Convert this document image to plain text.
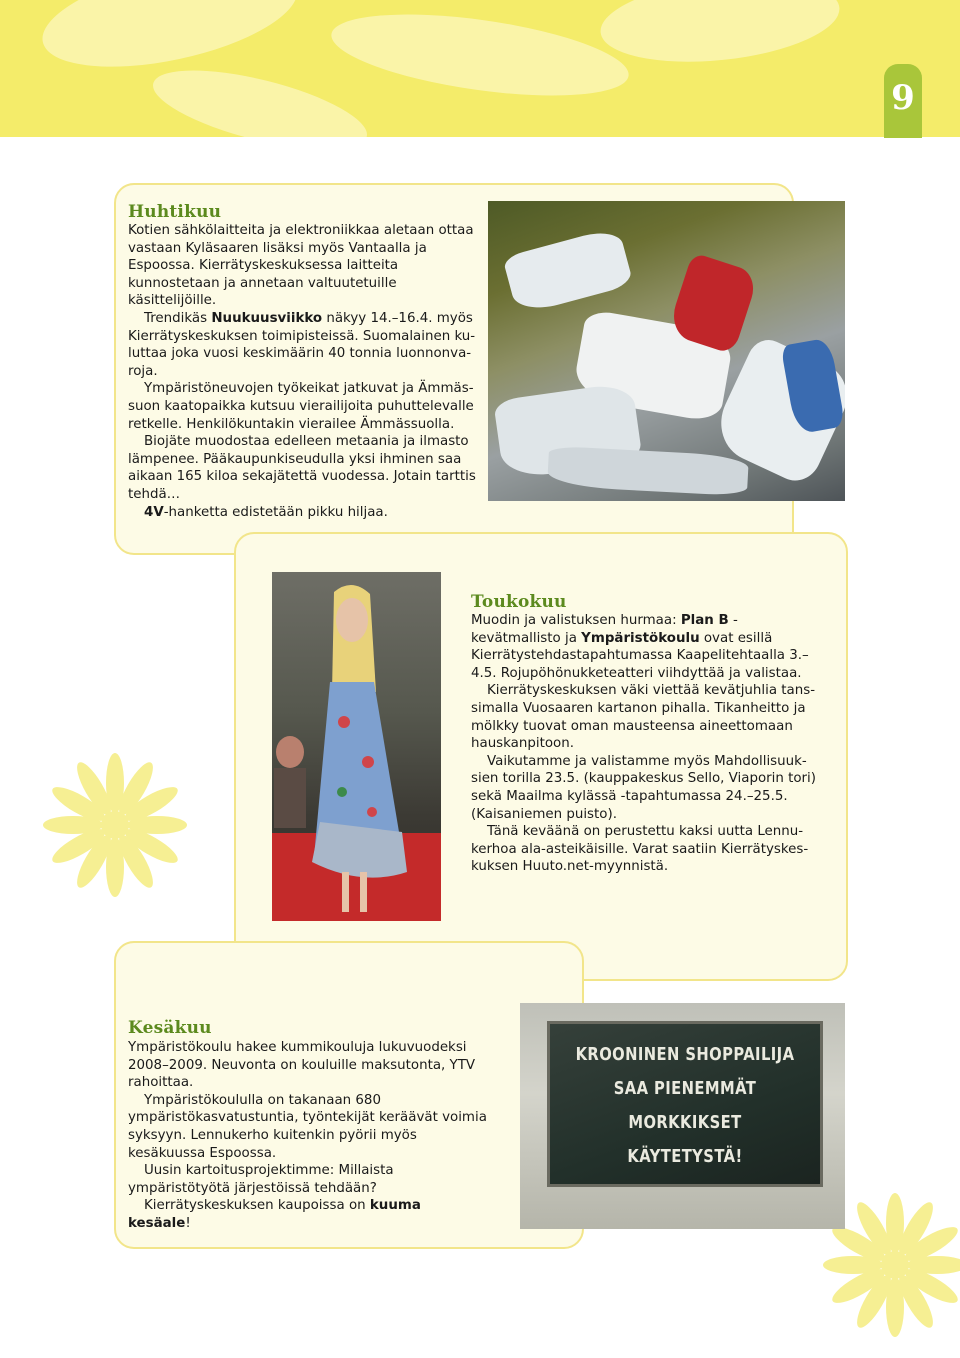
9
Huhtikuu

Kotien sähkölaitteita ja elektroniikkaa aletaan ottaa vastaan Kyläsaaren lisäksi myös Vantaalla ja Espoossa. Kierrätyskeskuksessa laitteita kunnostetaan ja annetaan valtuutetuille käsittelijöille.

Trendikäs Nuukuusviikko näkyy 14.–16.4. myös Kierrätyskeskuksen toimipisteissä. Suomalainen kuluttaa joka vuosi keskimäärin 40 tonnia luonnonvaroja.

Ympäristöneuvojen työkeikat jatkuvat ja Ämmässuon kaatopaikka kutsuu vierailijoita puhuttelevalle retkelle. Henkilökuntakin vierailee Ämmässuolla.

Biojäte muodostaa edelleen metaania ja ilmasto lämpenee. Pääkaupunkiseudulla yksi ihminen saa aikaan 165 kiloa sekajätettä vuodessa. Jotain tarttis tehdä…

4V-hanketta edistetään pikku hiljaa.

Toukokuu

Muodin ja valistuksen hurmaa: Plan B -kevätmallisto ja Ympäristökoulu ovat esillä Kierrätystehdastapahtumassa Kaapelitehtaalla 3.–4.5. Rojupöhönukketeatteri viihdyttää ja valistaa.

Kierrätyskeskuksen väki viettää kevätjuhlia tanssimalla Vuosaaren kartanon pihalla. Tikanheitto ja mölkky tuovat oman mausteensa aineettomaan hauskanpitoon.

Vaikutamme ja valistamme myös Mahdollisuuksien torilla 23.5. (kauppakeskus Sello, Viaporin tori) sekä Maailma kylässä -tapahtumassa 24.–25.5. (Kaisaniemen puisto).

Tänä keväänä on perustettu kaksi uutta Lennukerhoa ala-asteikäisille. Varat saatiin Kierrätyskeskuksen Huuto.net-myynnistä.

Kesäkuu

Ympäristökoulu hakee kummikouluja lukuvuodeksi 2008–2009. Neuvonta on kouluille maksutonta, YTV rahoittaa.

Ympäristökoululla on takanaan 680 ympäristökasvatustuntia, työntekijät keräävät voimia syksyyn. Lennukerho kuitenkin pyörii myös kesäkuussa Espoossa.

Uusin kartoitusprojektimme: Millaista ympäristötyötä järjestöissä tehdään?

Kierrätyskeskuksen kaupoissa on kuuma kesäale!

KROONINEN SHOPPAILIJA
SAA PIENEMMÄT
MORKKIKSET
KÄYTETYSTÄ!
